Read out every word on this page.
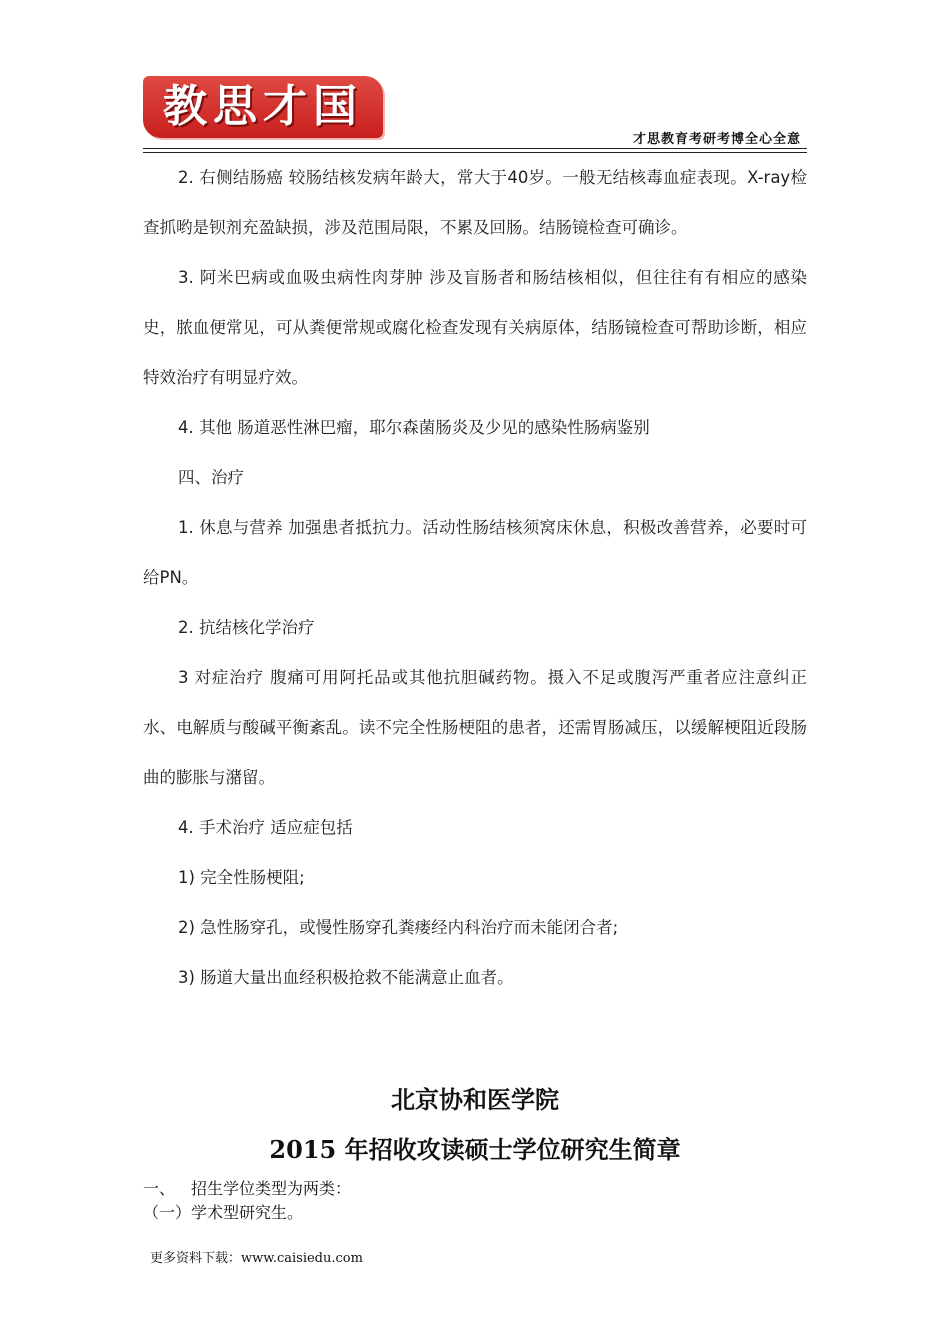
教思才国
才思教育考研考博全心全意

2. 右侧结肠癌 较肠结核发病年龄大，常大于40岁。一般无结核毒血症表现。X-ray检查抓哟是钡剂充盈缺损，涉及范围局限，不累及回肠。结肠镜检查可确诊。

3. 阿米巴病或血吸虫病性肉芽肿 涉及盲肠者和肠结核相似，但往往有有相应的感染史，脓血便常见，可从粪便常规或腐化检查发现有关病原体，结肠镜检查可帮助诊断，相应特效治疗有明显疗效。

4. 其他 肠道恶性淋巴瘤，耶尔森菌肠炎及少见的感染性肠病鉴别

四、治疗

1. 休息与营养 加强患者抵抗力。活动性肠结核须窝床休息，积极改善营养，必要时可给PN。

2. 抗结核化学治疗

3 对症治疗 腹痛可用阿托品或其他抗胆碱药物。摄入不足或腹泻严重者应注意纠正水、电解质与酸碱平衡紊乱。读不完全性肠梗阻的患者，还需胃肠减压，以缓解梗阻近段肠曲的膨胀与潴留。

4. 手术治疗 适应症包括

1) 完全性肠梗阻;

2) 急性肠穿孔，或慢性肠穿孔粪瘘经内科治疗而未能闭合者;

3) 肠道大量出血经积极抢救不能满意止血者。

北京协和医学院
2015 年招收攻读硕士学位研究生简章
一、 招生学位类型为两类：
（一）学术型研究生。
更多资料下载：www.caisiedu.com
